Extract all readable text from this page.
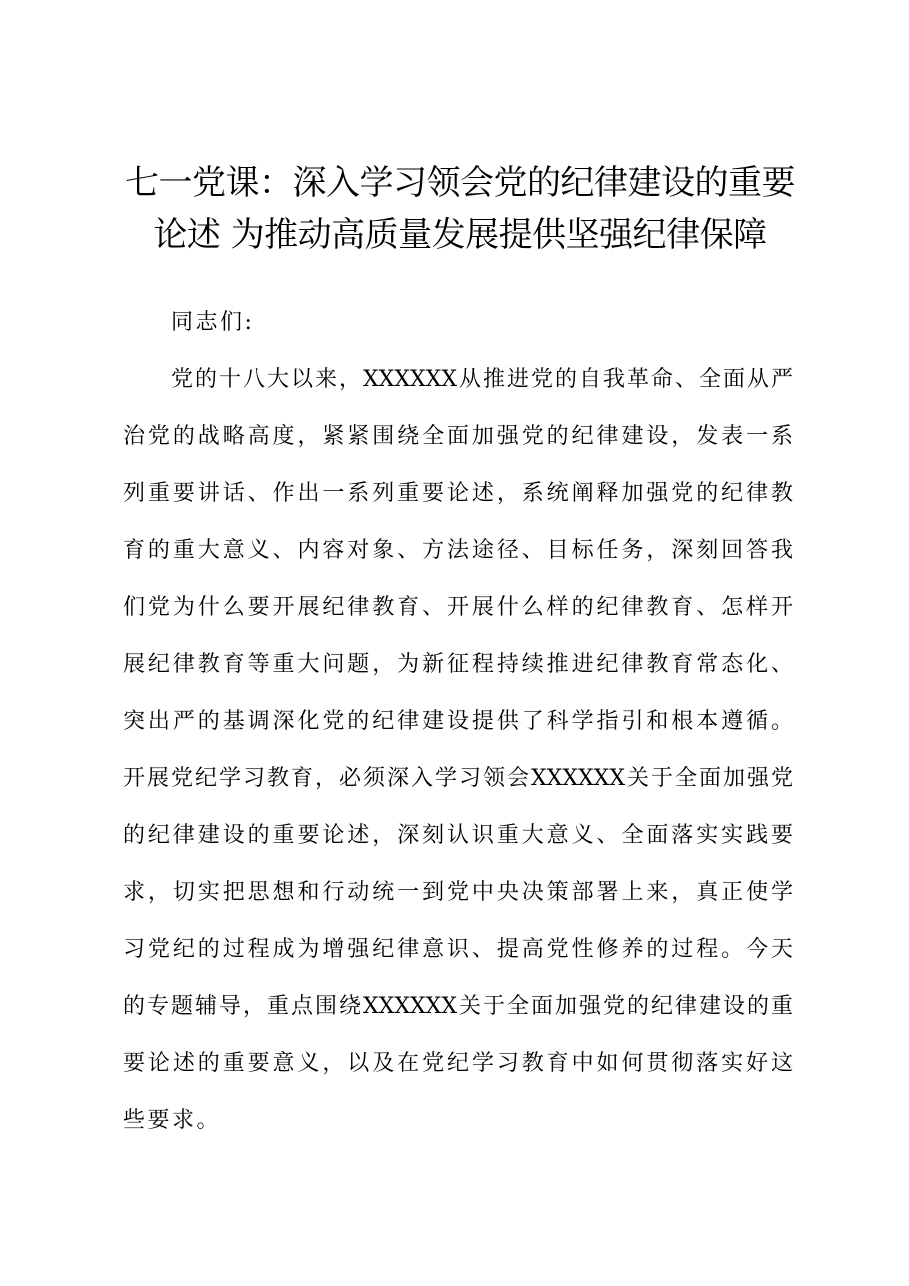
七一党课：深入学习领会党的纪律建设的重要
论述 为推动高质量发展提供坚强纪律保障

同志们:

党的十八大以来，XXXXXX从推进党的自我革命、全面从严

治党的战略高度，紧紧围绕全面加强党的纪律建设，发表一系

列重要讲话、作出一系列重要论述，系统阐释加强党的纪律教

育的重大意义、内容对象、方法途径、目标任务，深刻回答我

们党为什么要开展纪律教育、开展什么样的纪律教育、怎样开

展纪律教育等重大问题，为新征程持续推进纪律教育常态化、

突出严的基调深化党的纪律建设提供了科学指引和根本遵循。

开展党纪学习教育，必须深入学习领会XXXXXX关于全面加强党

的纪律建设的重要论述，深刻认识重大意义、全面落实实践要

求，切实把思想和行动统一到党中央决策部署上来，真正使学

习党纪的过程成为增强纪律意识、提高党性修养的过程。今天

的专题辅导，重点围绕XXXXXX关于全面加强党的纪律建设的重

要论述的重要意义，以及在党纪学习教育中如何贯彻落实好这

些要求。
